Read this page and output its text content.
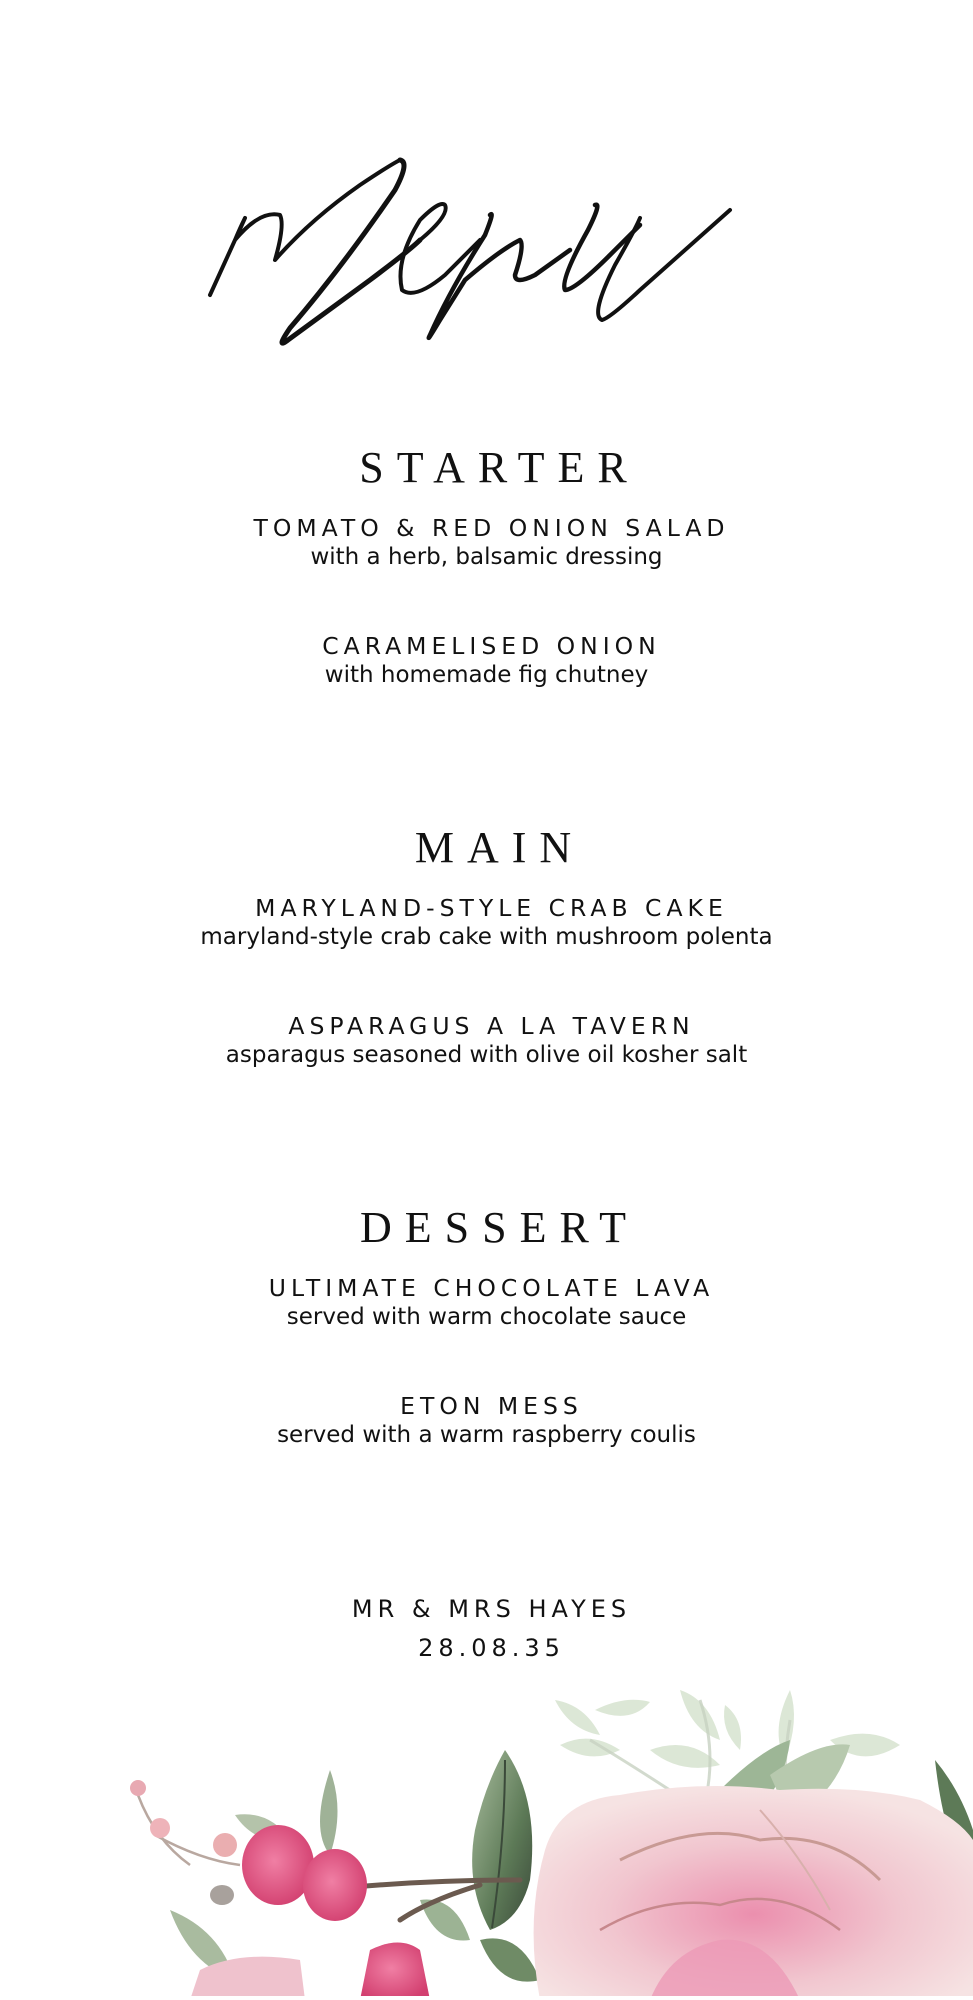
STARTER
TOMATO & RED ONION SALAD
with a herb, balsamic dressing
CARAMELISED ONION
with homemade fig chutney
MAIN
MARYLAND-STYLE CRAB CAKE
maryland-style crab cake with mushroom polenta
ASPARAGUS A LA TAVERN
asparagus seasoned with olive oil kosher salt
DESSERT
ULTIMATE CHOCOLATE LAVA
served with warm chocolate sauce
ETON MESS
served with a warm raspberry coulis
MR & MRS HAYES
28.08.35
